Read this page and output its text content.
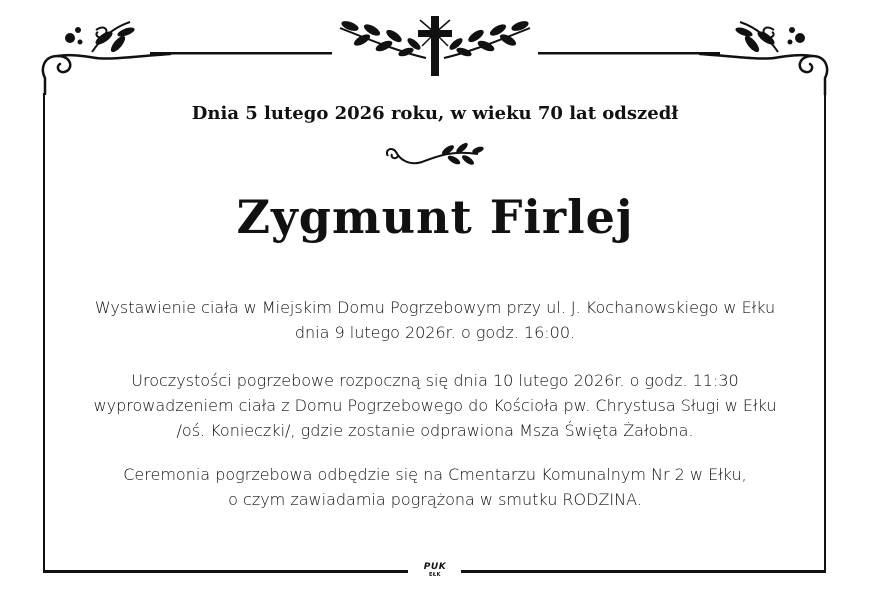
PUK
EŁK
Dnia 5 lutego 2026 roku, w wieku 70 lat odszedł
Zygmunt Firlej
Wystawienie ciała w Miejskim Domu Pogrzebowym przy ul. J. Kochanowskiego w Ełku
dnia 9 lutego 2026r. o godz. 16:00.
Uroczystości pogrzebowe rozpoczną się dnia 10 lutego 2026r. o godz. 11:30
wyprowadzeniem ciała z Domu Pogrzebowego do Kościoła pw. Chrystusa Sługi w Ełku
/oś. Konieczki/, gdzie zostanie odprawiona Msza Święta Żałobna.
Ceremonia pogrzebowa odbędzie się na Cmentarzu Komunalnym Nr 2 w Ełku,
o czym zawiadamia pogrążona w smutku RODZINA.
